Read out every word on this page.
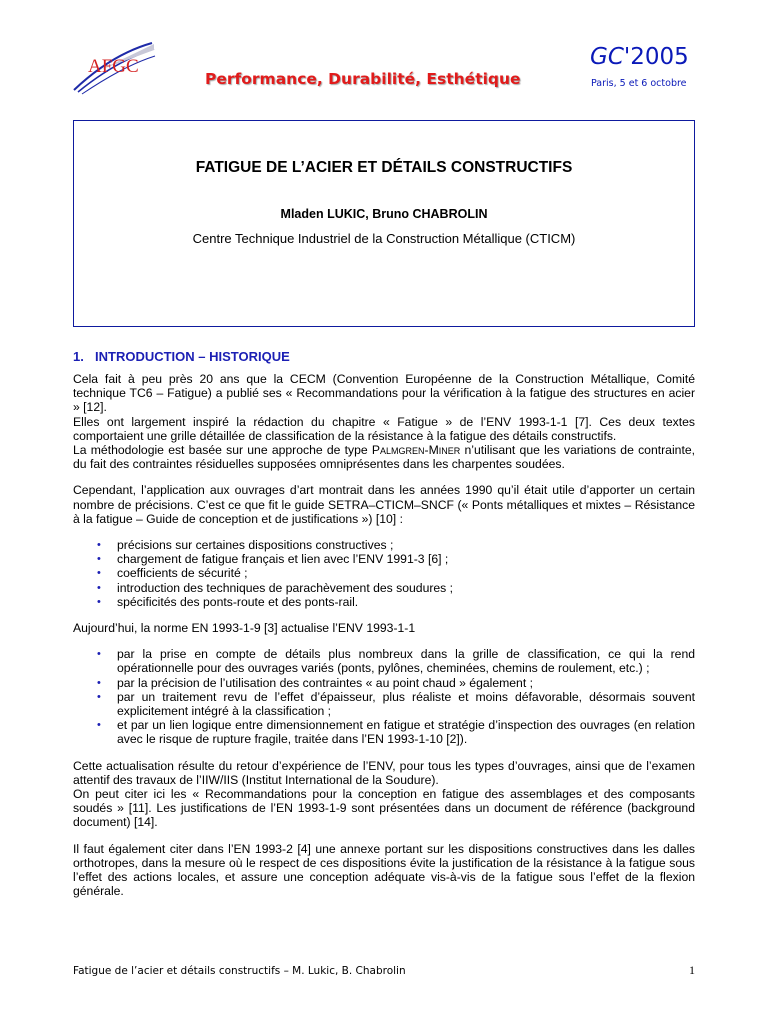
AFGC
Performance, Durabilité, Esthétique
GC'2005
Paris, 5 et 6 octobre
FATIGUE DE L’ACIER ET DÉTAILS CONSTRUCTIFS
Mladen LUKIC, Bruno CHABROLIN
Centre Technique Industriel de la Construction Métallique (CTICM)
1. INTRODUCTION – HISTORIQUE

Cela fait à peu près 20 ans que la CECM (Convention Européenne de la Construction Métallique, Comité technique TC6 – Fatigue) a publié ses « Recommandations pour la vérification à la fatigue des structures en acier » [12].

Elles ont largement inspiré la rédaction du chapitre « Fatigue » de l’ENV 1993-1-1 [7]. Ces deux textes comportaient une grille détaillée de classification de la résistance à la fatigue des détails constructifs.

La méthodologie est basée sur une approche de type Palmgren-Miner n’utilisant que les variations de contrainte, du fait des contraintes résiduelles supposées omniprésentes dans les charpentes soudées.

Cependant, l’application aux ouvrages d’art montrait dans les années 1990 qu’il était utile d’apporter un certain nombre de précisions. C’est ce que fit le guide SETRA–CTICM–SNCF (« Ponts métalliques et mixtes – Résistance à la fatigue – Guide de conception et de justifications ») [10] :

• précisions sur certaines dispositions constructives ;
• chargement de fatigue français et lien avec l’ENV 1991-3 [6] ;
• coefficients de sécurité ;
• introduction des techniques de parachèvement des soudures ;
• spécificités des ponts-route et des ponts-rail.

Aujourd’hui, la norme EN 1993-1-9 [3] actualise l’ENV 1993-1-1

• par la prise en compte de détails plus nombreux dans la grille de classification, ce qui la rend opérationnelle pour des ouvrages variés (ponts, pylônes, cheminées, chemins de roulement, etc.) ;
• par la précision de l’utilisation des contraintes « au point chaud » également ;
• par un traitement revu de l’effet d’épaisseur, plus réaliste et moins défavorable, désormais souvent explicitement intégré à la classification ;
• et par un lien logique entre dimensionnement en fatigue et stratégie d’inspection des ouvrages (en relation avec le risque de rupture fragile, traitée dans l’EN 1993-1-10 [2]).

Cette actualisation résulte du retour d’expérience de l’ENV, pour tous les types d’ouvrages, ainsi que de l’examen attentif des travaux de l’IIW/IIS (Institut International de la Soudure).

On peut citer ici les « Recommandations pour la conception en fatigue des assemblages et des composants soudés » [11]. Les justifications de l’EN 1993-1-9 sont présentées dans un document de référence (background document) [14].

Il faut également citer dans l’EN 1993-2 [4] une annexe portant sur les dispositions constructives dans les dalles orthotropes, dans la mesure où le respect de ces dispositions évite la justification de la résistance à la fatigue sous l’effet des actions locales, et assure une conception adéquate vis-à-vis de la fatigue sous l’effet de la flexion générale.

Fatigue de l’acier et détails constructifs – M. Lukic, B. Chabrolin	1
